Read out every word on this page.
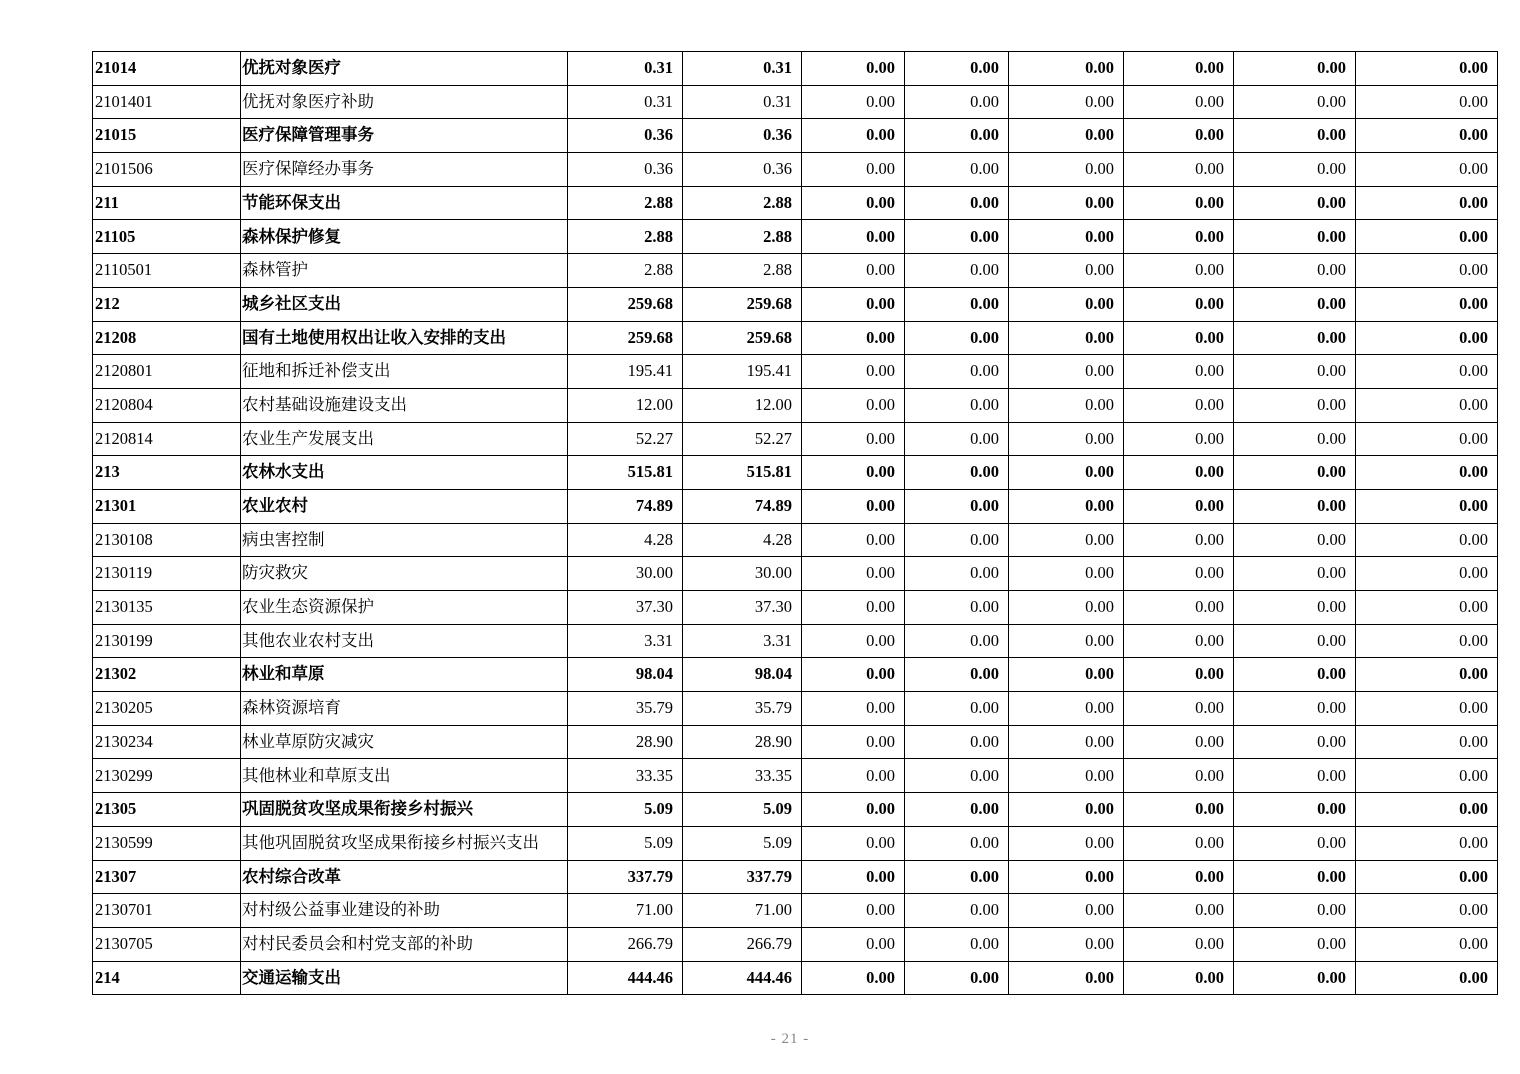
21014	优抚对象医疗	0.31	0.31	0.00	0.00	0.00	0.00	0.00	0.00
2101401	优抚对象医疗补助	0.31	0.31	0.00	0.00	0.00	0.00	0.00	0.00
21015	医疗保障管理事务	0.36	0.36	0.00	0.00	0.00	0.00	0.00	0.00
2101506	医疗保障经办事务	0.36	0.36	0.00	0.00	0.00	0.00	0.00	0.00
211	节能环保支出	2.88	2.88	0.00	0.00	0.00	0.00	0.00	0.00
21105	森林保护修复	2.88	2.88	0.00	0.00	0.00	0.00	0.00	0.00
2110501	森林管护	2.88	2.88	0.00	0.00	0.00	0.00	0.00	0.00
212	城乡社区支出	259.68	259.68	0.00	0.00	0.00	0.00	0.00	0.00
21208	国有土地使用权出让收入安排的支出	259.68	259.68	0.00	0.00	0.00	0.00	0.00	0.00
2120801	征地和拆迁补偿支出	195.41	195.41	0.00	0.00	0.00	0.00	0.00	0.00
2120804	农村基础设施建设支出	12.00	12.00	0.00	0.00	0.00	0.00	0.00	0.00
2120814	农业生产发展支出	52.27	52.27	0.00	0.00	0.00	0.00	0.00	0.00
213	农林水支出	515.81	515.81	0.00	0.00	0.00	0.00	0.00	0.00
21301	农业农村	74.89	74.89	0.00	0.00	0.00	0.00	0.00	0.00
2130108	病虫害控制	4.28	4.28	0.00	0.00	0.00	0.00	0.00	0.00
2130119	防灾救灾	30.00	30.00	0.00	0.00	0.00	0.00	0.00	0.00
2130135	农业生态资源保护	37.30	37.30	0.00	0.00	0.00	0.00	0.00	0.00
2130199	其他农业农村支出	3.31	3.31	0.00	0.00	0.00	0.00	0.00	0.00
21302	林业和草原	98.04	98.04	0.00	0.00	0.00	0.00	0.00	0.00
2130205	森林资源培育	35.79	35.79	0.00	0.00	0.00	0.00	0.00	0.00
2130234	林业草原防灾减灾	28.90	28.90	0.00	0.00	0.00	0.00	0.00	0.00
2130299	其他林业和草原支出	33.35	33.35	0.00	0.00	0.00	0.00	0.00	0.00
21305	巩固脱贫攻坚成果衔接乡村振兴	5.09	5.09	0.00	0.00	0.00	0.00	0.00	0.00
2130599	其他巩固脱贫攻坚成果衔接乡村振兴支出	5.09	5.09	0.00	0.00	0.00	0.00	0.00	0.00
21307	农村综合改革	337.79	337.79	0.00	0.00	0.00	0.00	0.00	0.00
2130701	对村级公益事业建设的补助	71.00	71.00	0.00	0.00	0.00	0.00	0.00	0.00
2130705	对村民委员会和村党支部的补助	266.79	266.79	0.00	0.00	0.00	0.00	0.00	0.00
214	交通运输支出	444.46	444.46	0.00	0.00	0.00	0.00	0.00	0.00
- 21 -
